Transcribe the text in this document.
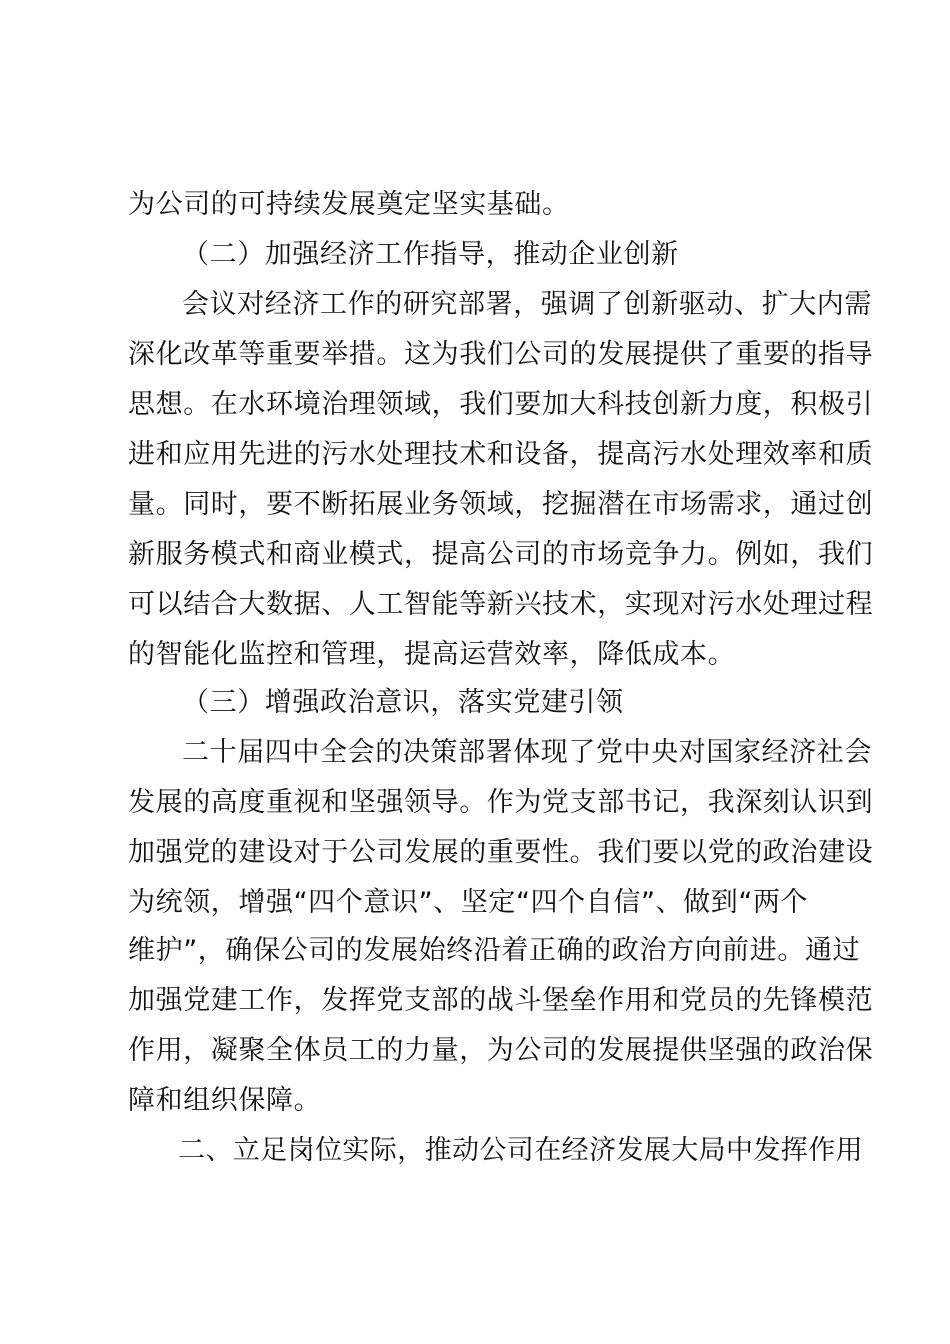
为公司的可持续发展奠定坚实基础。
（二）加强经济工作指导，推动企业创新
会议对经济工作的研究部署，强调了创新驱动、扩大内需
深化改革等重要举措。这为我们公司的发展提供了重要的指导
思想。在水环境治理领域，我们要加大科技创新力度，积极引
进和应用先进的污水处理技术和设备，提高污水处理效率和质
量。同时，要不断拓展业务领域，挖掘潜在市场需求，通过创
新服务模式和商业模式，提高公司的市场竞争力。例如，我们
可以结合大数据、人工智能等新兴技术，实现对污水处理过程
的智能化监控和管理，提高运营效率，降低成本。
（三）增强政治意识，落实党建引领
二十届四中全会的决策部署体现了党中央对国家经济社会
发展的高度重视和坚强领导。作为党支部书记，我深刻认识到
加强党的建设对于公司发展的重要性。我们要以党的政治建设
为统领，增强“四个意识”、坚定“四个自信”、做到“两个
维护”，确保公司的发展始终沿着正确的政治方向前进。通过
加强党建工作，发挥党支部的战斗堡垒作用和党员的先锋模范
作用，凝聚全体员工的力量，为公司的发展提供坚强的政治保
障和组织保障。
二、立足岗位实际，推动公司在经济发展大局中发挥作用
